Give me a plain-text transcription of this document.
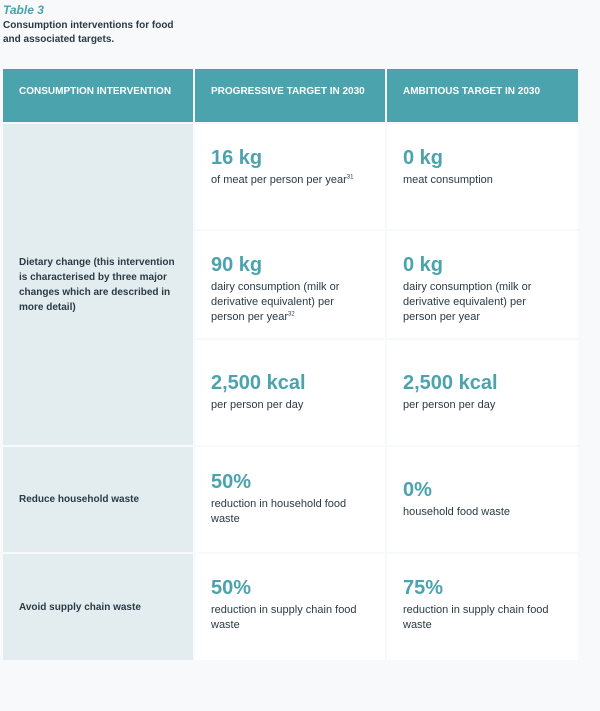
Table 3

Consumption interventions for food and associated targets.

CONSUMPTION INTERVENTION	PROGRESSIVE TARGET IN 2030	AMBITIOUS TARGET IN 2030
Dietary change (this intervention is characterised by three major changes which are described in more detail)
16 kg
of meat per person per year$^{31}$
0 kg
meat consumption
90 kg
dairy consumption (milk or derivative equivalent) per person per year$^{32}$
0 kg
dairy consumption (milk or derivative equivalent) per person per year
2,500 kcal
per person per day
2,500 kcal
per person per day
Reduce household waste
50%
reduction in household food waste
0%
household food waste
Avoid supply chain waste
50%
reduction in supply chain food waste
75%
reduction in supply chain food waste
